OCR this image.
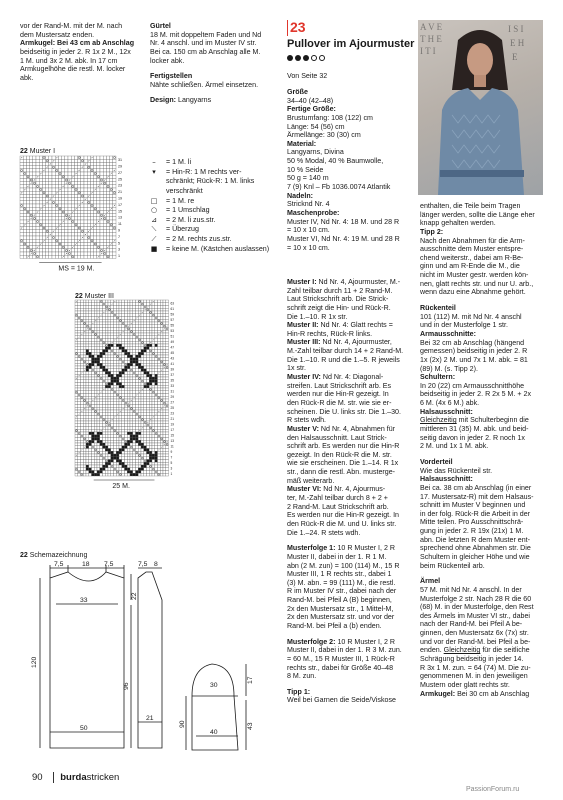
vor der Rand-M. mit der M. nach

dem Mustersatz enden.

Armkugel: Bei 43 cm ab Anschlag

beidseitig in jeder 2. R 1x 2 M., 12x

1 M. und 3x 2 M. abk. In 17 cm

Armkugelhöhe die restl. M. locker

abk.

Gürtel

18 M. mit doppeltem Faden und Nd

Nr. 4 anschl. und im Muster IV str.

Bei ca. 150 cm ab Anschlag alle M.

locker abk.

Fertigstellen

Nähte schließen. Ärmel einsetzen.

Design: Langyarns

22 Muster I
31
29
27
25
23
21
19
17
15
13
11
9
7
5
3
1
MS = 19 M.
–	= 1 M. li
▾	= Hin-R: 1 M rechts ver-
schränkt; Rück-R: 1 M. links
verschränkt
□	= 1 M. re
○	= 1 Umschlag
⊿	= 2 M. li zus.str.
⟍	= Überzug
⟋	= 2 M. rechts zus.str.
■	= keine M. (Kästchen auslassen)
22 Muster III
63
61
59
57
55
53
51
49
47
45
43
41
39
37
35
33
31
29
27
25
23
21
19
17
15
13
11
9
7
5
3
1
25 M.
22 Schemazeichnung
7,5	18 7,5	7,5 8
33
22
120
96
50
21
30
17
90	43
40
23
Pullover im Ajourmuster
Von Seite 32

Größe

34–40 (42–48)

Fertige Größe:

Brustumfang: 108 (122) cm

Länge: 54 (56) cm

Ärmellänge: 30 (30) cm

Material:

Langyarns, Divina

50 % Modal, 40 % Baumwolle,

10 % Seide

50 g = 140 m

7 (9) Knl – Fb 1036.0074 Atlantik

Nadeln:

Stricknd Nr. 4

Maschenprobe:

Muster IV, Nd Nr. 4: 18 M. und 28 R

= 10 x 10 cm.

Muster VI, Nd Nr. 4: 19 M. und 28 R

= 10 x 10 cm.

A V E
T H E
I T I
I S I
E H
E

Muster I: Nd Nr. 4, Ajourmuster, M.-

Zahl teilbar durch 11 + 2 Rand-M.

Laut Strickschrift arb. Die Strick-

schrift zeigt die Hin- und Rück-R.

Die 1.–10. R 1x str.

Muster II: Nd Nr. 4: Glatt rechts =

Hin-R rechts, Rück-R links.

Muster III: Nd Nr. 4, Ajourmuster,

M.-Zahl teilbar durch 14 + 2 Rand-M.

Die 1.–10. R und die 1.–5. R jeweils

1x str.

Muster IV: Nd Nr. 4: Diagonal-

streifen. Laut Strickschrift arb. Es

werden nur die Hin-R gezeigt. In

den Rück-R die M. str. wie sie er-

scheinen. Die U. links str. Die 1.–30.

R stets wdh.

Muster V: Nd Nr. 4, Abnahmen für

den Halsausschnitt. Laut Strick-

schrift arb. Es werden nur die Hin-R

gezeigt. In den Rück-R die M. str.

wie sie erscheinen. Die 1.–14. R 1x

str., dann die restl. Abn. musterge-

mäß weiterarb.

Muster VI: Nd Nr. 4, Ajourmus-

ter, M.-Zahl teilbar durch 8 + 2 +

2 Rand-M. Laut Strickschrift arb.

Es werden nur die Hin-R gezeigt. In

den Rück-R die M. und U. links str.

Die 1.–24. R stets wdh.

Musterfolge 1: 10 R Muster I, 2 R

Muster II, dabei in der 1. R 1 M.

abn (2 M. zun) = 100 (114) M., 15 R

Muster III, 1 R rechts str., dabei 1

(3) M. abn. = 99 (111) M., die restl.

R im Muster IV str., dabei nach der

Rand-M. bei Pfeil A (B) beginnen,

2x den Mustersatz str., 1 Mittel-M,

2x den Mustersatz str. und vor der

Rand-M. bei Pfeil a (b) enden.

Musterfolge 2: 10 R Muster I, 2 R

Muster II, dabei in der 1. R 3 M. zun.

= 60 M., 15 R Muster III, 1 Rück-R

rechts str., dabei für Größe 40–48

8 M. zun.

Tipp 1:

Weil bei Garnen die Seide/Viskose

enthalten, die Teile beim Tragen

länger werden, sollte die Länge eher

knapp gehalten werden.

Tipp 2:

Nach den Abnahmen für die Arm-

ausschnitte dem Muster entspre-

chend weiterstr., dabei am R-Be-

ginn und am R-Ende die M., die

nicht im Muster gestr. werden kön-

nen, glatt rechts str. und nur U. arb.,

wenn dazu eine Abnahme gehört.

Rückenteil

101 (112) M. mit Nd Nr. 4 anschl

und in der Musterfolge 1 str.

Armausschnitte:

Bei 32 cm ab Anschlag (hängend

gemessen) beidseitig in jeder 2. R

1x (2x) 2 M. und 7x 1 M. abk. = 81

(89) M. (s. Tipp 2).

Schultern:

In 20 (22) cm Armausschnitthöhe

beidseitig in jeder 2. R 2x 5 M. + 2x

6 M. (4x 6 M.) abk.

Halsausschnitt:

Gleichzeitig mit Schulterbeginn die

mittleren 31 (35) M. abk. und beid-

seitig davon in jeder 2. R noch 1x

2 M. und 1x 1 M. abk.

Vorderteil

Wie das Rückenteil str.

Halsausschnitt:

Bei ca. 38 cm ab Anschlag (in einer

17. Mustersatz-R) mit dem Halsaus-

schnitt im Muster V beginnen und

in der folg. Rück-R die Arbeit in der

Mitte teilen. Pro Ausschnittschrä-

gung in jeder 2. R 19x (21x) 1 M.

abn. Die letzten R dem Muster ent-

sprechend ohne Abnahmen str. Die

Schultern in gleicher Höhe und wie

beim Rückenteil arb.

Ärmel

57 M. mit Nd Nr. 4 anschl. In der

Musterfolge 2 str. Nach 28 R die 60

(68) M. in der Musterfolge, den Rest

des Ärmels im Muster VI str., dabei

nach der Rand-M. bei Pfeil A be-

ginnen, den Mustersatz 6x (7x) str.

und vor der Rand-M. bei Pfeil a be-

enden. Gleichzeitig für die seitliche

Schrägung beidseitig in jeder 14.

R 3x 1 M. zun. = 64 (74) M. Die zu-

genommenen M. in den jeweiligen

Mustern oder glatt rechts str.

Armkugel: Bei 30 cm ab Anschlag

90 burdastricken
PassionForum.ru
